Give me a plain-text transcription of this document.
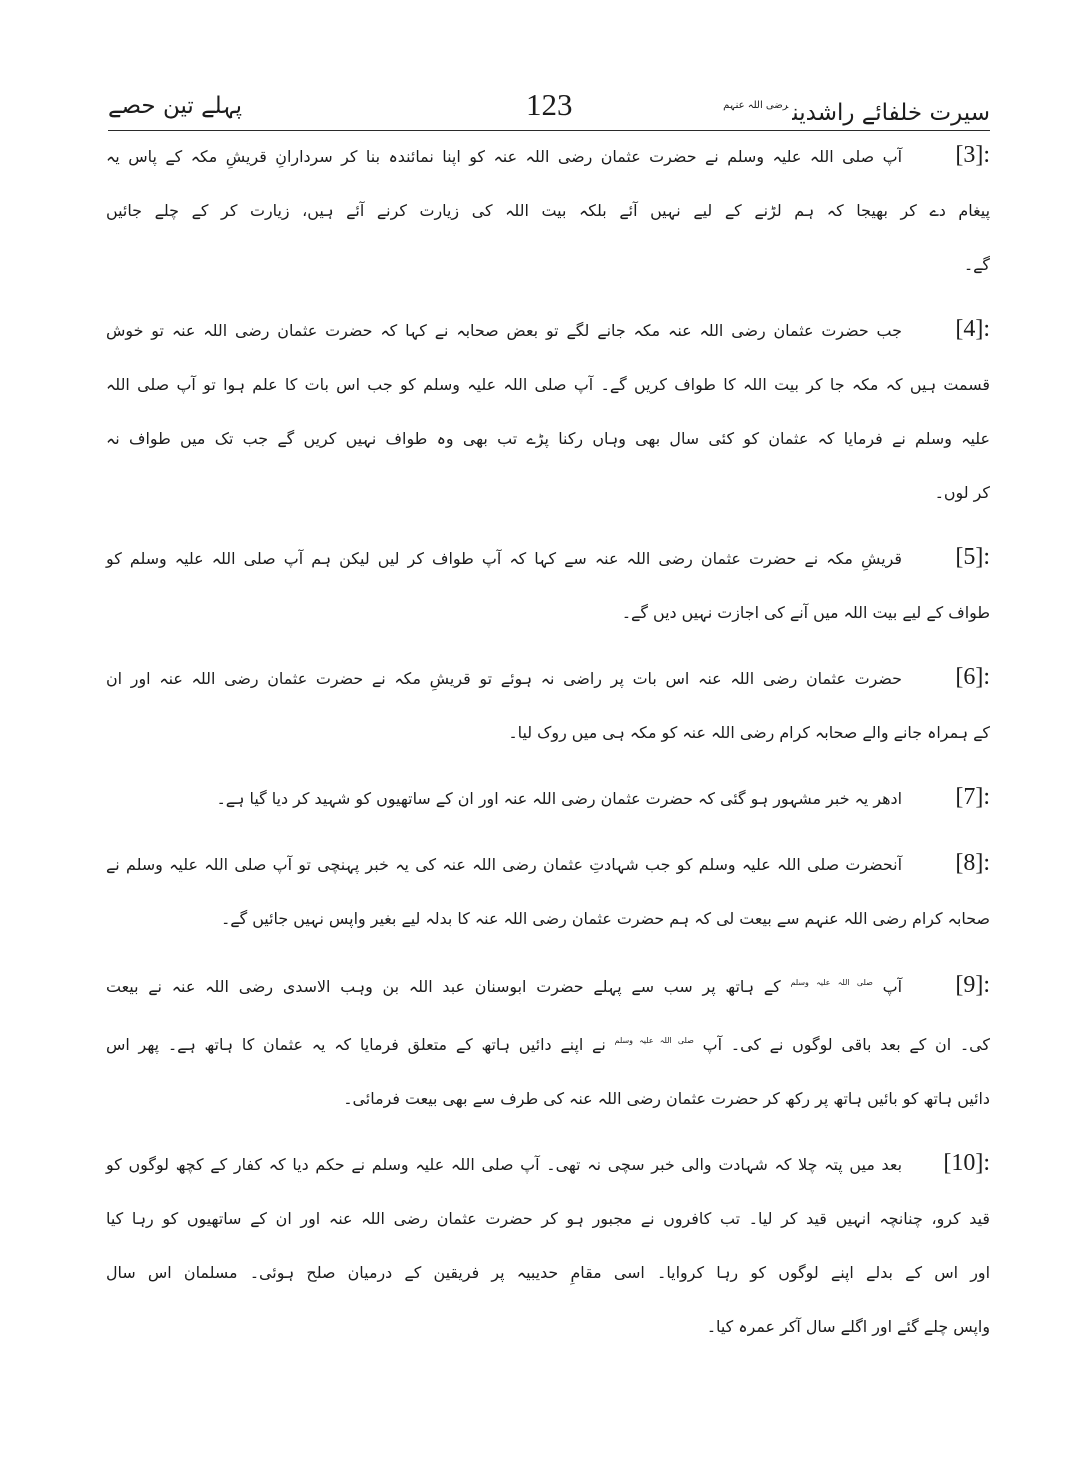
سیرت خلفائے راشدین$^{رضی اللہ عنہم}$
123
پہلے تین حصے
[3]:
آپ صلی اللہ علیہ وسلم نے حضرت عثمان رضی اللہ عنہ کو اپنا نمائندہ بنا کر سردارانِ قریشِ مکہ کے پاس یہ
پیغام دے کر بھیجا کہ ہم لڑنے کے لیے نہیں آئے بلکہ بیت اللہ کی زیارت کرنے آئے ہیں، زیارت کر کے چلے جائیں
گے۔
[4]:
جب حضرت عثمان رضی اللہ عنہ مکہ جانے لگے تو بعض صحابہ نے کہا کہ حضرت عثمان رضی اللہ عنہ تو خوش
قسمت ہیں کہ مکہ جا کر بیت اللہ کا طواف کریں گے۔ آپ صلی اللہ علیہ وسلم کو جب اس بات کا علم ہوا تو آپ صلی اللہ
علیہ وسلم نے فرمایا کہ عثمان کو کئی سال بھی وہاں رکنا پڑے تب بھی وہ طواف نہیں کریں گے جب تک میں طواف نہ
کر لوں۔
[5]:
قریشِ مکہ نے حضرت عثمان رضی اللہ عنہ سے کہا کہ آپ طواف کر لیں لیکن ہم آپ صلی اللہ علیہ وسلم کو
طواف کے لیے بیت اللہ میں آنے کی اجازت نہیں دیں گے۔
[6]:
حضرت عثمان رضی اللہ عنہ اس بات پر راضی نہ ہوئے تو قریشِ مکہ نے حضرت عثمان رضی اللہ عنہ اور ان
کے ہمراہ جانے والے صحابہ کرام رضی اللہ عنہ کو مکہ ہی میں روک لیا۔
[7]:
ادھر یہ خبر مشہور ہو گئی کہ حضرت عثمان رضی اللہ عنہ اور ان کے ساتھیوں کو شہید کر دیا گیا ہے۔
[8]:
آنحضرت صلی اللہ علیہ وسلم کو جب شہادتِ عثمان رضی اللہ عنہ کی یہ خبر پہنچی تو آپ صلی اللہ علیہ وسلم نے
صحابہ کرام رضی اللہ عنہم سے بیعت لی کہ ہم حضرت عثمان رضی اللہ عنہ کا بدلہ لیے بغیر واپس نہیں جائیں گے۔
[9]:
آپ $^{صلی اللہ علیہ وسلم}$ کے ہاتھ پر سب سے پہلے حضرت ابوسنان عبد اللہ بن وہب الاسدی رضی اللہ عنہ نے بیعت
کی۔ ان کے بعد باقی لوگوں نے کی۔ آپ $^{صلی اللہ علیہ وسلم}$ نے اپنے دائیں ہاتھ کے متعلق فرمایا کہ یہ عثمان کا ہاتھ ہے۔ پھر اس
دائیں ہاتھ کو بائیں ہاتھ پر رکھ کر حضرت عثمان رضی اللہ عنہ کی طرف سے بھی بیعت فرمائی۔
[10]:
بعد میں پتہ چلا کہ شہادت والی خبر سچی نہ تھی۔ آپ صلی اللہ علیہ وسلم نے حکم دیا کہ کفار کے کچھ لوگوں کو
قید کرو، چنانچہ انہیں قید کر لیا۔ تب کافروں نے مجبور ہو کر حضرت عثمان رضی اللہ عنہ اور ان کے ساتھیوں کو رہا کیا
اور اس کے بدلے اپنے لوگوں کو رہا کروایا۔ اسی مقامِ حدیبیہ پر فریقین کے درمیان صلح ہوئی۔ مسلمان اس سال
واپس چلے گئے اور اگلے سال آکر عمرہ کیا۔
